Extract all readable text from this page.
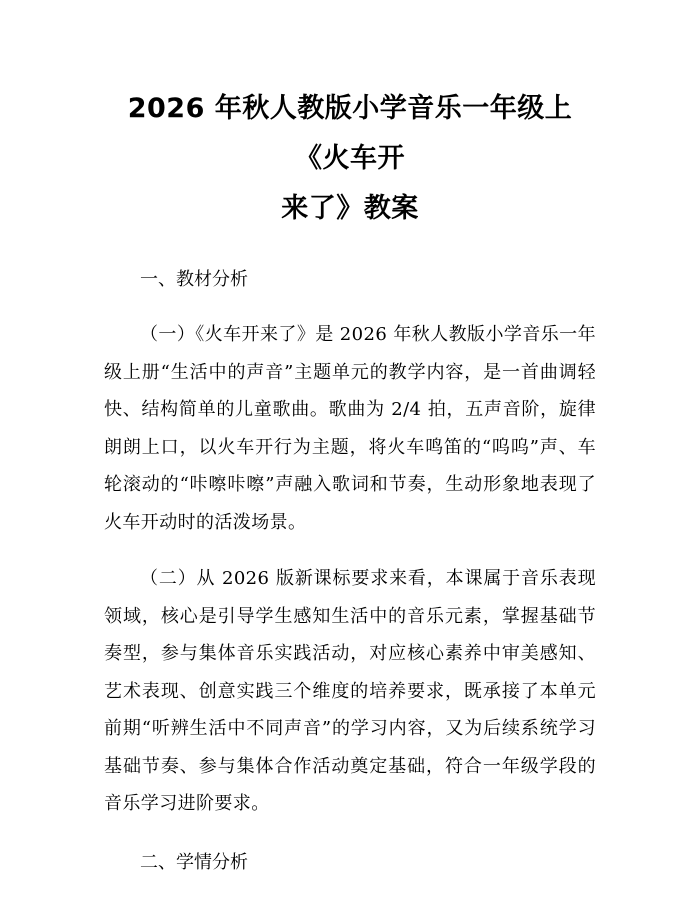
2026 年秋人教版小学音乐一年级上《火车开
来了》教案
一、教材分析

（一）《火车开来了》是 2026 年秋人教版小学音乐一年级上册“生活中的声音”主题单元的教学内容，是一首曲调轻快、结构简单的儿童歌曲。歌曲为 2/4 拍，五声音阶，旋律朗朗上口，以火车开行为主题，将火车鸣笛的“呜呜”声、车轮滚动的“咔嚓咔嚓”声融入歌词和节奏，生动形象地表现了火车开动时的活泼场景。

（二）从 2026 版新课标要求来看，本课属于音乐表现领域，核心是引导学生感知生活中的音乐元素，掌握基础节奏型，参与集体音乐实践活动，对应核心素养中审美感知、艺术表现、创意实践三个维度的培养要求，既承接了本单元前期“听辨生活中不同声音”的学习内容，又为后续系统学习基础节奏、参与集体合作活动奠定基础，符合一年级学段的音乐学习进阶要求。

二、学情分析
